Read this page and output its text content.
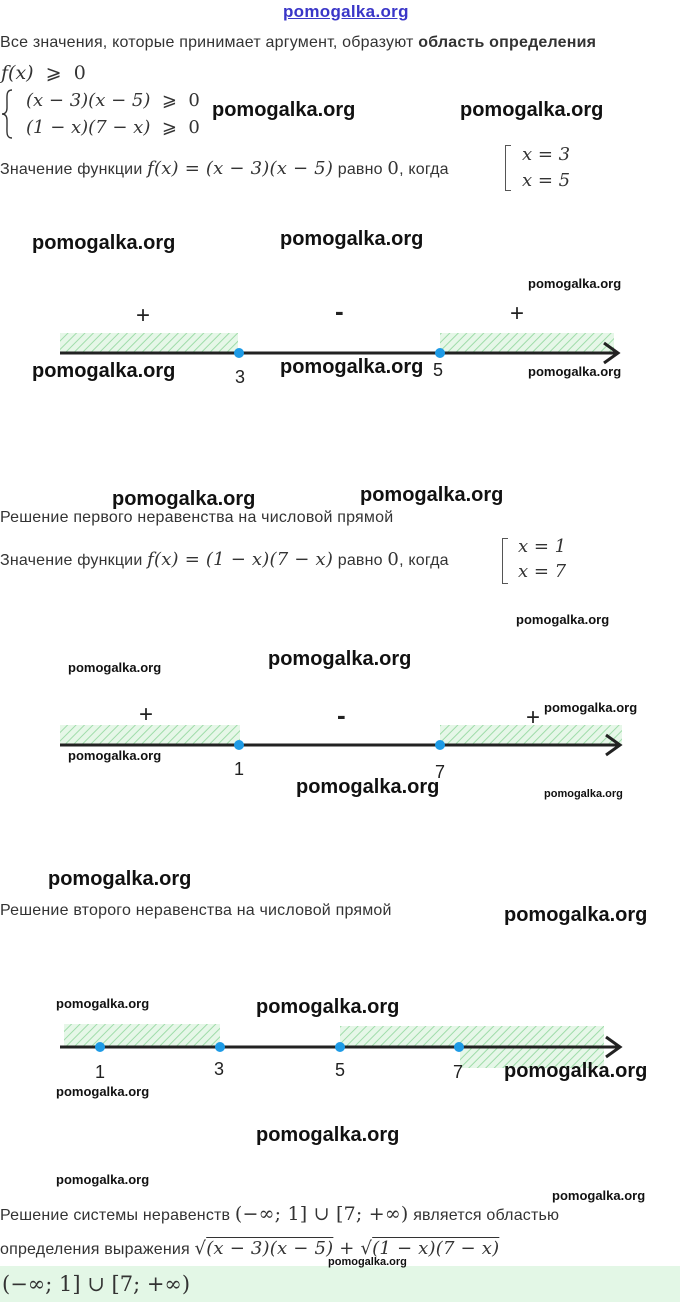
pomogalka.org
Все значения, которые принимает аргумент, образуют область определения
f(x) ⩾ 0
(x − 3)(x − 5) ⩾ 0
(1 − x)(7 − x) ⩾ 0
Значение функции f(x) = (x − 3)(x − 5) равно 0, когда
x = 3
x = 5
3	5
+	-	+
Решение первого неравенства на числовой прямой
Значение функции f(x) = (1 − x)(7 − x) равно 0, когда
x = 1
x = 7
1	7
+	-	+
Решение второго неравенства на числовой прямой
1	3	5	7
Решение системы неравенств (−∞; 1] ∪ [7; +∞) является областью
определения выражения √(x − 3)(x − 5) + √(1 − x)(7 − x)
(−∞; 1] ∪ [7; +∞)
pomogalka.org	pomogalka.org
pomogalka.org	pomogalka.org
pomogalka.org
pomogalka.org	pomogalka.org	pomogalka.org
pomogalka.org	pomogalka.org
pomogalka.org
pomogalka.org	pomogalka.org
pomogalka.org
pomogalka.org
pomogalka.org	pomogalka.org
pomogalka.org
pomogalka.org
pomogalka.org	pomogalka.org
pomogalka.org
pomogalka.org
pomogalka.org
pomogalka.org
pomogalka.org
pomogalka.org
